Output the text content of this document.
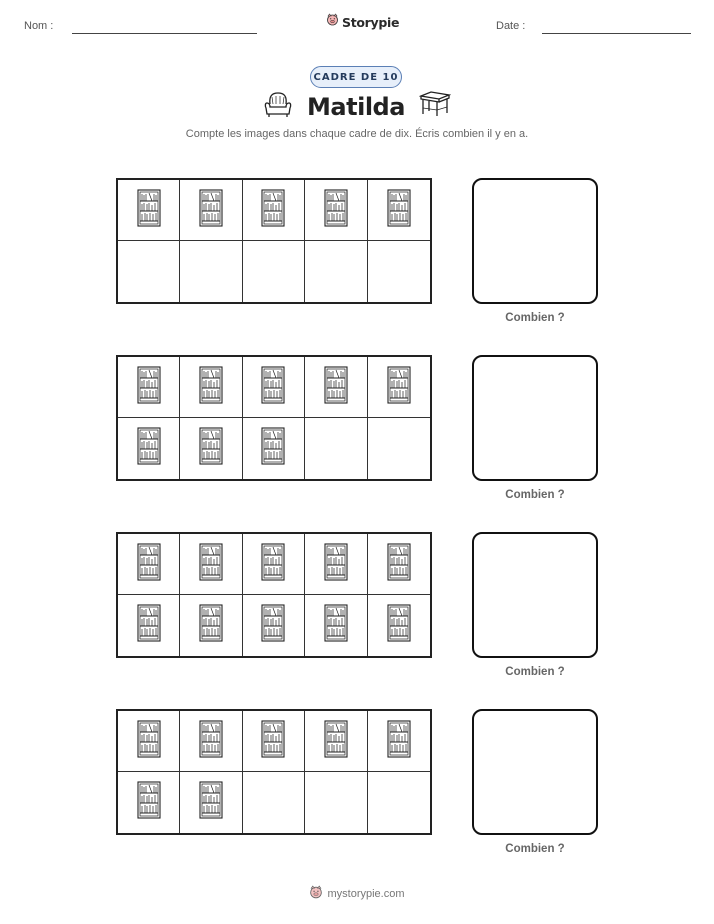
Nom :	Storypie	Date :
CADRE DE 10
Matilda
Compte les images dans chaque cadre de dix. Écris combien il y en a.
Combien ?
Combien ?
Combien ?
Combien ?
mystorypie.com
